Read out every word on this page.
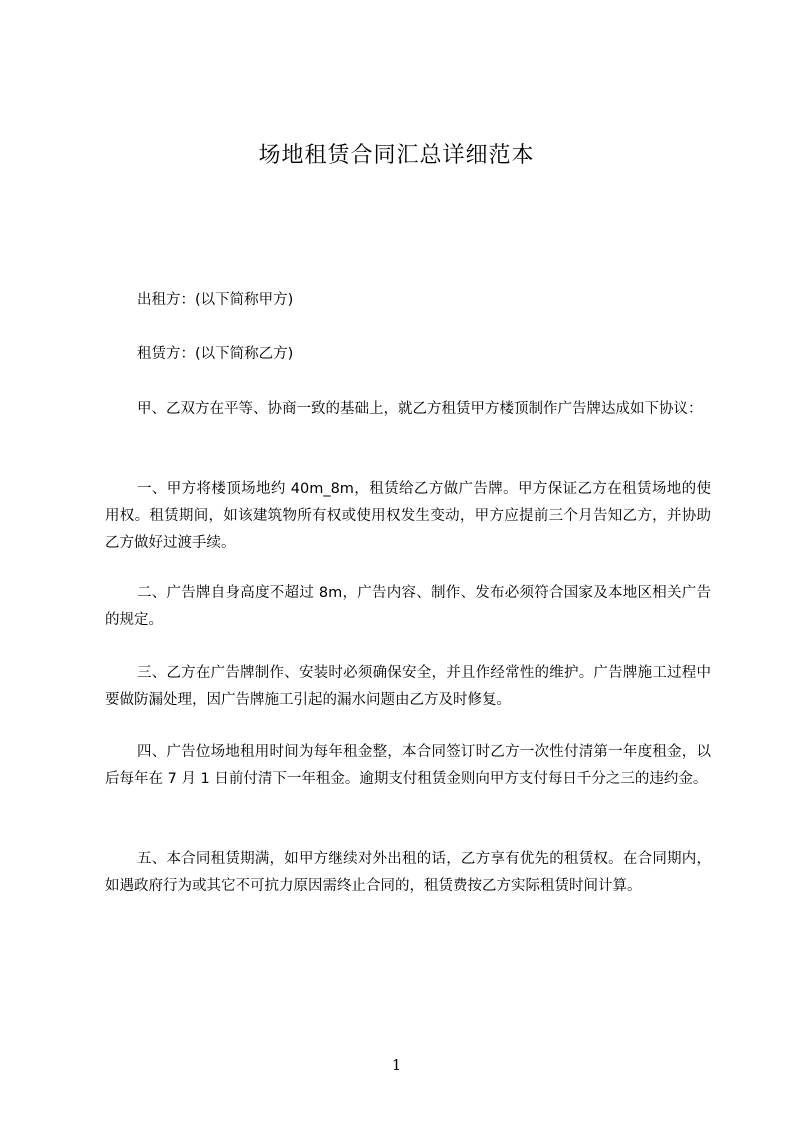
场地租赁合同汇总详细范本

出租方：(以下简称甲方)

租赁方：(以下简称乙方)

甲、乙双方在平等、协商一致的基础上，就乙方租赁甲方楼顶制作广告牌达成如下协议：

一、甲方将楼顶场地约 40m_8m，租赁给乙方做广告牌。甲方保证乙方在租赁场地的使用权。租赁期间，如该建筑物所有权或使用权发生变动，甲方应提前三个月告知乙方，并协助乙方做好过渡手续。

二、广告牌自身高度不超过 8m，广告内容、制作、发布必须符合国家及本地区相关广告的规定。

三、乙方在广告牌制作、安装时必须确保安全，并且作经常性的维护。广告牌施工过程中要做防漏处理，因广告牌施工引起的漏水问题由乙方及时修复。

四、广告位场地租用时间为每年租金整，本合同签订时乙方一次性付清第一年度租金，以后每年在 7 月 1 日前付清下一年租金。逾期支付租赁金则向甲方支付每日千分之三的违约金。

五、本合同租赁期满，如甲方继续对外出租的话，乙方享有优先的租赁权。在合同期内，如遇政府行为或其它不可抗力原因需终止合同的，租赁费按乙方实际租赁时间计算。

1
